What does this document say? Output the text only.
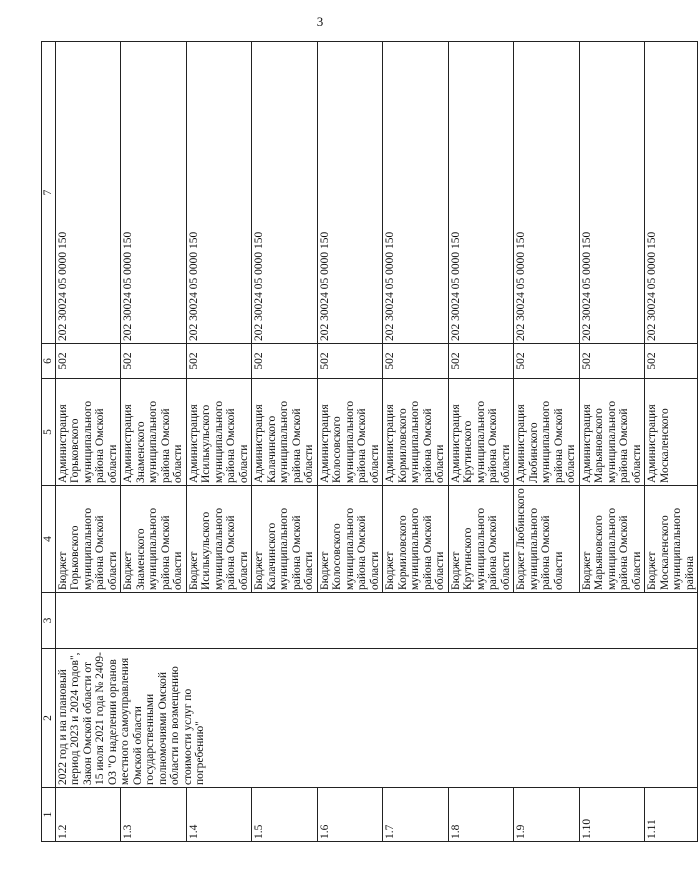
3
1	2	3	4	5	6	7
1.2	2022 год и на плановый период 2023 и 2024 годов", Закон Омской области от 15 июля 2021 года № 2409-ОЗ "О наделении органов местного самоуправления Омской области государственными полномочиями Омской области по возмещению стоимости услуг по погребению"		Бюджет Горьковского муниципального района Омской области	Администрация Горьковского муниципального района Омской области	502	202 30024 05 0000 150
1.3			Бюджет Знаменского муниципального района Омской области	Администрация Знаменского муниципального района Омской области	502	202 30024 05 0000 150
1.4			Бюджет Исилькульского муниципального района Омской области	Администрация Исилькульского муниципального района Омской области	502	202 30024 05 0000 150
1.5			Бюджет Калачинского муниципального района Омской области	Администрация Калачинского муниципального района Омской области	502	202 30024 05 0000 150
1.6			Бюджет Колосовского муниципального района Омской области	Администрация Колосовского муниципального района Омской области	502	202 30024 05 0000 150
1.7			Бюджет Кормиловского муниципального района Омской области	Администрация Кормиловского муниципального района Омской области	502	202 30024 05 0000 150
1.8			Бюджет Крутинского муниципального района Омской области	Администрация Крутинского муниципального района Омской области	502	202 30024 05 0000 150
1.9			Бюджет Любинского муниципального района Омской области	Администрация Любинского муниципального района Омской области	502	202 30024 05 0000 150
1.10			Бюджет Марьяновского муниципального района Омской области	Администрация Марьяновского муниципального района Омской области	502	202 30024 05 0000 150
1.11			Бюджет Москаленского муниципального района	Администрация Москаленского	502	202 30024 05 0000 150
